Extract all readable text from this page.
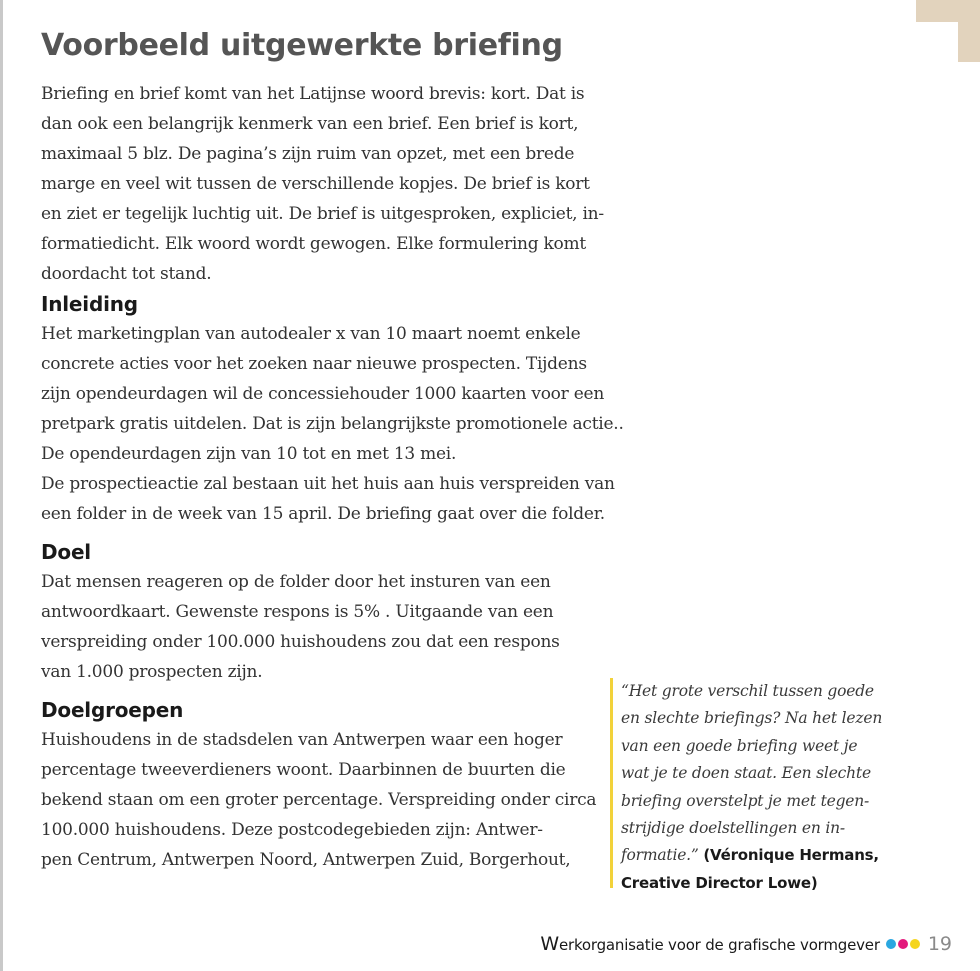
Voorbeeld uitgewerkte briefing

Briefing en brief komt van het Latijnse woord brevis: kort. Dat is
dan ook een belangrijk kenmerk van een brief. Een brief is kort,
maximaal 5 blz. De pagina’s zijn ruim van opzet, met een brede
marge en veel wit tussen de verschillende kopjes. De brief is kort
en ziet er tegelijk luchtig uit. De brief is uitgesproken, expliciet, in-
formatiedicht. Elk woord wordt gewogen. Elke formulering komt
doordacht tot stand.

Inleiding

Het marketingplan van autodealer x van 10 maart noemt enkele
concrete acties voor het zoeken naar nieuwe prospecten. Tijdens
zijn opendeurdagen wil de concessiehouder 1000 kaarten voor een
pretpark gratis uitdelen. Dat is zijn belangrijkste promotionele actie..
De opendeurdagen zijn van 10 tot en met 13 mei.
De prospectieactie zal bestaan uit het huis aan huis verspreiden van
een folder in de week van 15 april. De briefing gaat over die folder.

Doel

Dat mensen reageren op de folder door het insturen van een
antwoordkaart. Gewenste respons is 5% . Uitgaande van een
verspreiding onder 100.000 huishoudens zou dat een respons
van 1.000 prospecten zijn.

Doelgroepen

Huishoudens in de stadsdelen van Antwerpen waar een hoger
percentage tweeverdieners woont. Daarbinnen de buurten die
bekend staan om een groter percentage. Verspreiding onder circa
100.000 huishoudens. Deze postcodegebieden zijn: Antwer-
pen Centrum, Antwerpen Noord, Antwerpen Zuid, Borgerhout,

“Het grote verschil tussen goede
en slechte briefings? Na het lezen
van een goede briefing weet je
wat je te doen staat. Een slechte
briefing overstelpt je met tegen-
strijdige doelstellingen en in-
formatie.” (Véronique Hermans,
Creative Director Lowe)
Werkorganisatie voor de grafische vormgever	19
